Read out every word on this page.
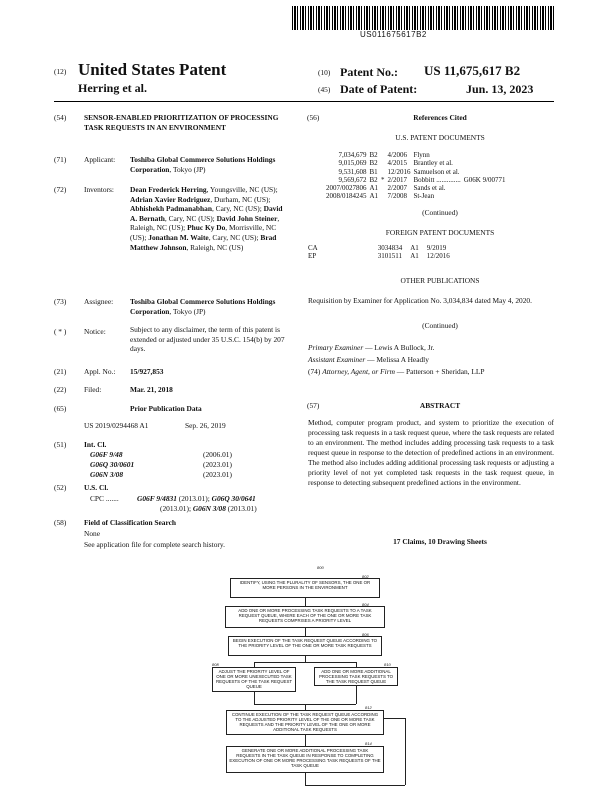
US011675617B2
(12) United States Patent
Herring et al.
(10) Patent No.: US 11,675,617 B2
(45) Date of Patent:	Jun. 13, 2023
(54) SENSOR-ENABLED PRIORITIZATION OF PROCESSING TASK REQUESTS IN AN ENVIRONMENT
(71) Applicant: Toshiba Global Commerce Solutions Holdings Corporation, Tokyo (JP)
(72) Inventors: Dean Frederick Herring, Youngsville, NC (US); Adrian Xavier Rodriguez, Durham, NC (US); Abhishekh Padmanabhan, Cary, NC (US); David A. Bernath, Cary, NC (US); David John Steiner, Raleigh, NC (US); Phuc Ky Do, Morrisville, NC (US); Jonathan M. Waite, Cary, NC (US); Brad Matthew Johnson, Raleigh, NC (US)
(73) Assignee: Toshiba Global Commerce Solutions Holdings Corporation, Tokyo (JP)
( * ) Notice:	Subject to any disclaimer, the term of this patent is extended or adjusted under 35 U.S.C. 154(b) by 207 days.
(21) Appl. No.: 15/927,853
(22) Filed:	Mar. 21, 2018
(65)	Prior Publication Data
US 2019/0294468 A1	Sep. 26, 2019
(51) Int. Cl.
G06F 9/48	(2006.01)
G06Q 30/0601	(2023.01)
G06N 3/08	(2023.01)
(52) U.S. Cl.
CPC ....... G06F 9/4831 (2013.01); G06Q 30/0641
(2013.01); G06N 3/08 (2013.01)
(58) Field of Classification Search
None
See application file for complete search history.
(56)	References Cited
U.S. PATENT DOCUMENTS
7,034,679	B2		4/2006	Flynn	
9,015,069	B2		4/2015	Brantley et al.	
9,531,608	B1		12/2016	Samuelson et al.	
9,569,672	B2	*	2/2017	Bobbitt ..............	G06K 9/00771
2007/0027806	A1		2/2007	Sands et al.	
2008/0184245	A1		7/2008	St-Jean	
(Continued)
FOREIGN PATENT DOCUMENTS
CA	3034834	A1	9/2019
EP	3101511	A1	12/2016
OTHER PUBLICATIONS
Requisition by Examiner for Application No. 3,034,834 dated May 4, 2020.
(Continued)
Primary Examiner — Lewis A Bullock, Jr.
Assistant Examiner — Melissa A Headly
(74) Attorney, Agent, or Firm — Patterson + Sheridan, LLP
(57)	ABSTRACT
Method, computer program product, and system to prioritize the execution of processing task requests in a task request queue, where the task requests are related to an environment. The method includes adding processing task requests to a task request queue in response to the detection of predefined actions in an environment. The method also includes adding additional processing task requests or adjusting a priority level of not yet completed task requests in the task request queue, in response to detecting subsequent predefined actions in the environment.
17 Claims, 10 Drawing Sheets
800
IDENTIFY, USING THE PLURALITY OF SENSORS, THE ONE OR MORE PERSONS IN THE ENVIRONMENT
802
ADD ONE OR MORE PROCESSING TASK REQUESTS TO A TASK REQUEST QUEUE, WHERE EACH OF THE ONE OR MORE TASK REQUESTS COMPRISES A PRIORITY LEVEL
804
BEGIN EXECUTION OF THE TASK REQUEST QUEUE ACCORDING TO THE PRIORITY LEVEL OF THE ONE OR MORE TASK REQUESTS
806
ADJUST THE PRIORITY LEVEL OF ONE OR MORE UNEXECUTED TASK REQUESTS OF THE TASK REQUEST QUEUE
808
ADD ONE OR MORE ADDITIONAL PROCESSING TASK REQUESTS TO THE TASK REQUEST QUEUE
810
CONTINUE EXECUTION OF THE TASK REQUEST QUEUE ACCORDING TO THE ADJUSTED PRIORITY LEVEL OF THE ONE OR MORE TASK REQUESTS AND THE PRIORITY LEVEL OF THE ONE OR MORE ADDITIONAL TASK REQUESTS
812
GENERATE ONE OR MORE ADDITIONAL PROCESSING TASK REQUESTS IN THE TASK QUEUE IN RESPONSE TO COMPLETING EXECUTION OF ONE OR MORE PROCESSING TASK REQUESTS OF THE TASK QUEUE
814
